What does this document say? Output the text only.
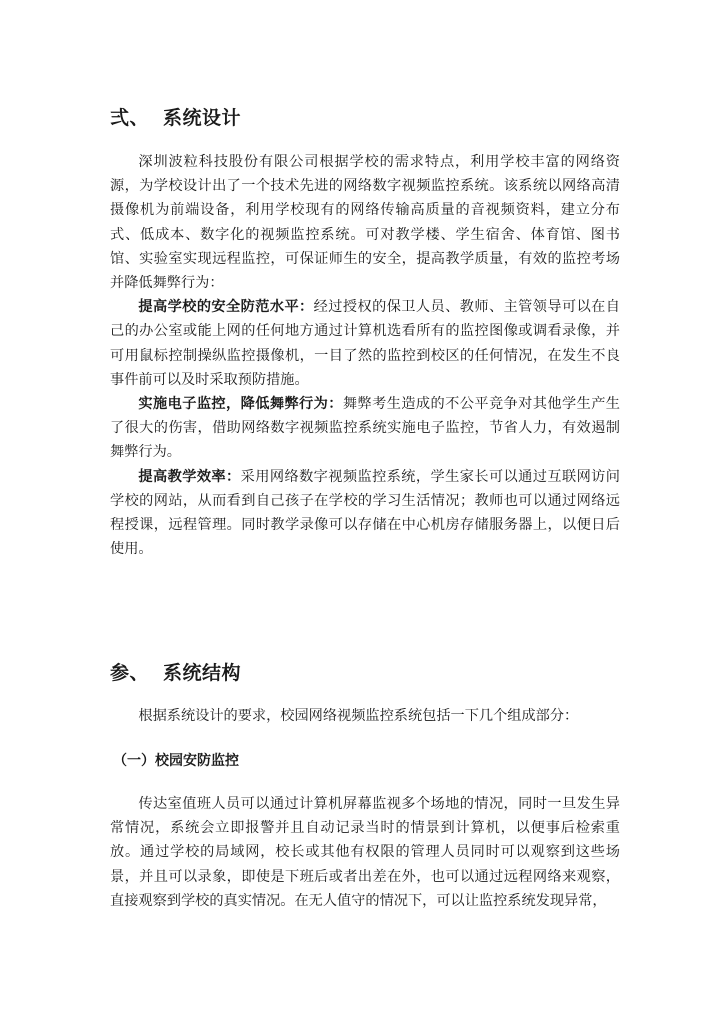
弍、 系统设计

深圳波粒科技股份有限公司根据学校的需求特点，利用学校丰富的网络资源，为学校设计出了一个技术先进的网络数字视频监控系统。该系统以网络高清摄像机为前端设备，利用学校现有的网络传输高质量的音视频资料，建立分布式、低成本、数字化的视频监控系统。可对教学楼、学生宿舍、体育馆、图书馆、实验室实现远程监控，可保证师生的安全，提高教学质量，有效的监控考场并降低舞弊行为：

提高学校的安全防范水平：经过授权的保卫人员、教师、主管领导可以在自己的办公室或能上网的任何地方通过计算机选看所有的监控图像或调看录像，并可用鼠标控制操纵监控摄像机，一目了然的监控到校区的任何情况，在发生不良事件前可以及时采取预防措施。

实施电子监控，降低舞弊行为：舞弊考生造成的不公平竞争对其他学生产生了很大的伤害，借助网络数字视频监控系统实施电子监控，节省人力，有效遏制舞弊行为。

提高教学效率：采用网络数字视频监控系统，学生家长可以通过互联网访问学校的网站，从而看到自己孩子在学校的学习生活情况；教师也可以通过网络远程授课，远程管理。同时教学录像可以存储在中心机房存储服务器上，以便日后使用。

参、 系统结构

根据系统设计的要求，校园网络视频监控系统包括一下几个组成部分：

（一）校园安防监控

传达室值班人员可以通过计算机屏幕监视多个场地的情况，同时一旦发生异常情况，系统会立即报警并且自动记录当时的情景到计算机，以便事后检索重放。通过学校的局域网，校长或其他有权限的管理人员同时可以观察到这些场景，并且可以录象，即使是下班后或者出差在外，也可以通过远程网络来观察，直接观察到学校的真实情况。在无人值守的情况下，可以让监控系统发现异常，
